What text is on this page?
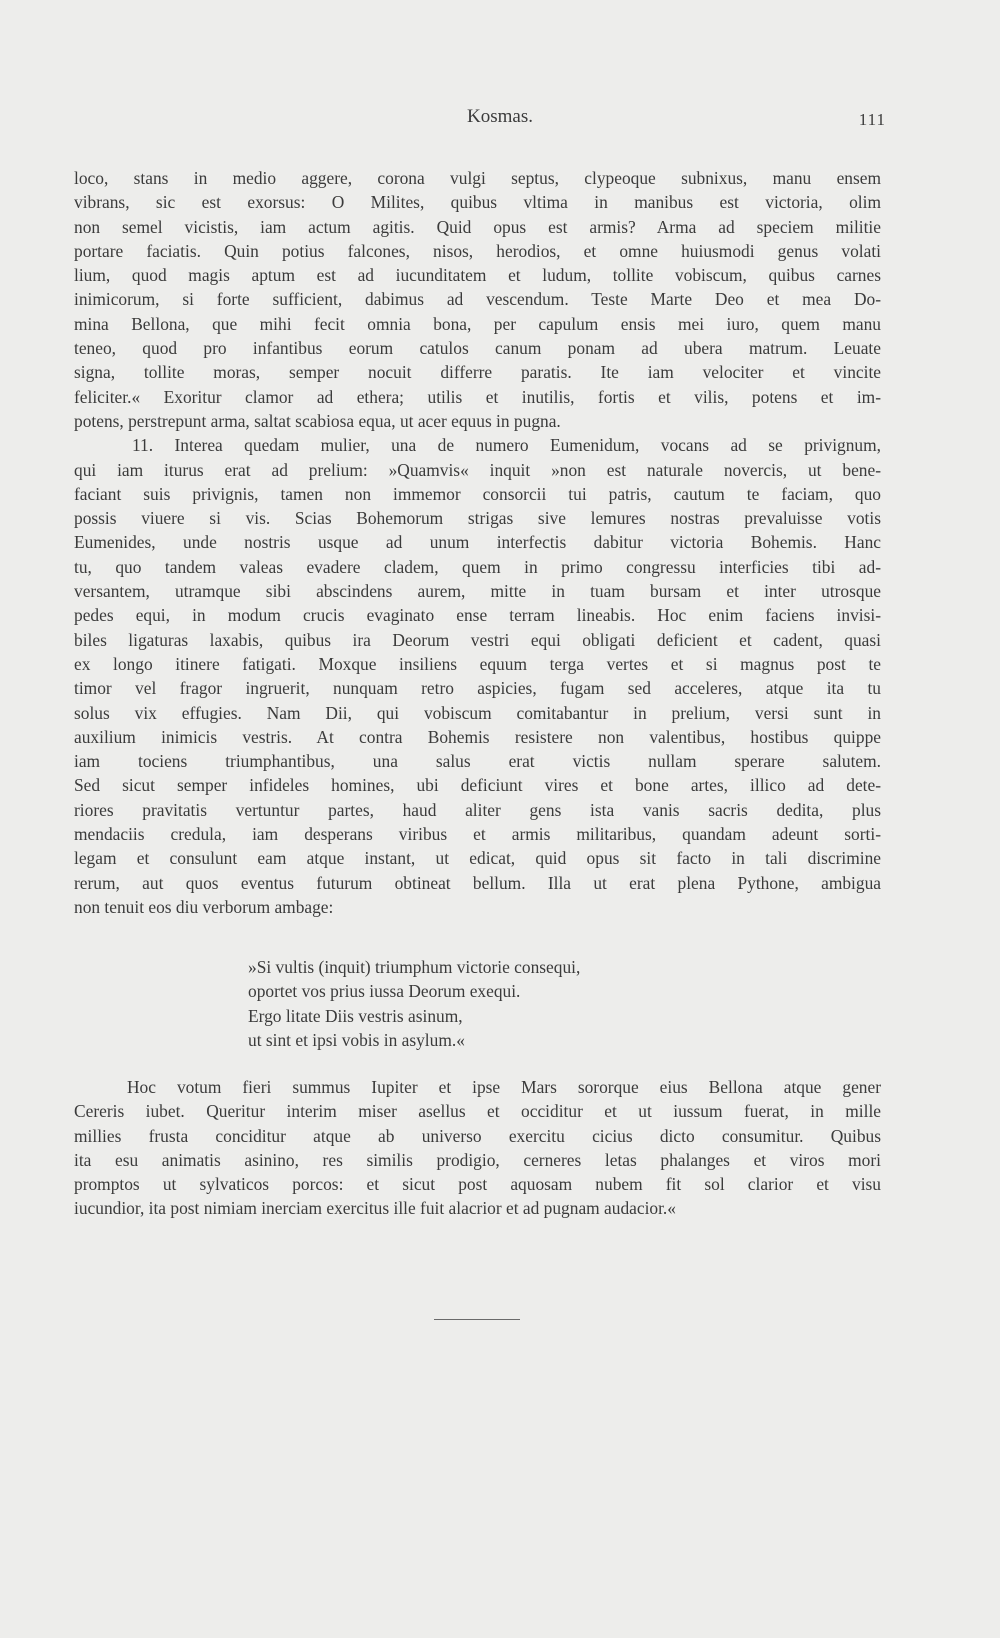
Kosmas.	111
loco, stans in medio aggere, corona vulgi septus, clypeoque subnixus, manu ensem
vibrans, sic est exorsus: O Milites, quibus vltima in manibus est victoria, olim
non semel vicistis, iam actum agitis. Quid opus est armis? Arma ad speciem militie
portare faciatis. Quin potius falcones, nisos, herodios, et omne huiusmodi genus volati
lium, quod magis aptum est ad iucunditatem et ludum, tollite vobiscum, quibus carnes
inimicorum, si forte sufficient, dabimus ad vescendum. Teste Marte Deo et mea Do-
mina Bellona, que mihi fecit omnia bona, per capulum ensis mei iuro, quem manu
teneo, quod pro infantibus eorum catulos canum ponam ad ubera matrum. Leuate
signa, tollite moras, semper nocuit differre paratis. Ite iam velociter et vincite
feliciter.« Exoritur clamor ad ethera; utilis et inutilis, fortis et vilis, potens et im-
potens, perstrepunt arma, saltat scabiosa equa, ut acer equus in pugna.
11. Interea quedam mulier, una de numero Eumenidum, vocans ad se privignum,
qui iam iturus erat ad prelium: »Quamvis« inquit »non est naturale novercis, ut bene-
faciant suis privignis, tamen non immemor consorcii tui patris, cautum te faciam, quo
possis viuere si vis. Scias Bohemorum strigas sive lemures nostras prevaluisse votis
Eumenides, unde nostris usque ad unum interfectis dabitur victoria Bohemis. Hanc
tu, quo tandem valeas evadere cladem, quem in primo congressu interficies tibi ad-
versantem, utramque sibi abscindens aurem, mitte in tuam bursam et inter utrosque
pedes equi, in modum crucis evaginato ense terram lineabis. Hoc enim faciens invisi-
biles ligaturas laxabis, quibus ira Deorum vestri equi obligati deficient et cadent, quasi
ex longo itinere fatigati. Moxque insiliens equum terga vertes et si magnus post te
timor vel fragor ingruerit, nunquam retro aspicies, fugam sed acceleres, atque ita tu
solus vix effugies. Nam Dii, qui vobiscum comitabantur in prelium, versi sunt in
auxilium inimicis vestris. At contra Bohemis resistere non valentibus, hostibus quippe
iam tociens triumphantibus, una salus erat victis nullam sperare salutem.
Sed sicut semper infideles homines, ubi deficiunt vires et bone artes, illico ad dete-
riores pravitatis vertuntur partes, haud aliter gens ista vanis sacris dedita, plus
mendaciis credula, iam desperans viribus et armis militaribus, quandam adeunt sorti-
legam et consulunt eam atque instant, ut edicat, quid opus sit facto in tali discrimine
rerum, aut quos eventus futurum obtineat bellum. Illa ut erat plena Pythone, ambigua
non tenuit eos diu verborum ambage:
»Si vultis (inquit) triumphum victorie consequi,
oportet vos prius iussa Deorum exequi.
Ergo litate Diis vestris asinum,
ut sint et ipsi vobis in asylum.«
Hoc votum fieri summus Iupiter et ipse Mars sororque eius Bellona atque gener
Cereris iubet. Queritur interim miser asellus et occiditur et ut iussum fuerat, in mille
millies frusta conciditur atque ab universo exercitu cicius dicto consumitur. Quibus
ita esu animatis asinino, res similis prodigio, cerneres letas phalanges et viros mori
promptos ut sylvaticos porcos: et sicut post aquosam nubem fit sol clarior et visu
iucundior, ita post nimiam inerciam exercitus ille fuit alacrior et ad pugnam audacior.«
